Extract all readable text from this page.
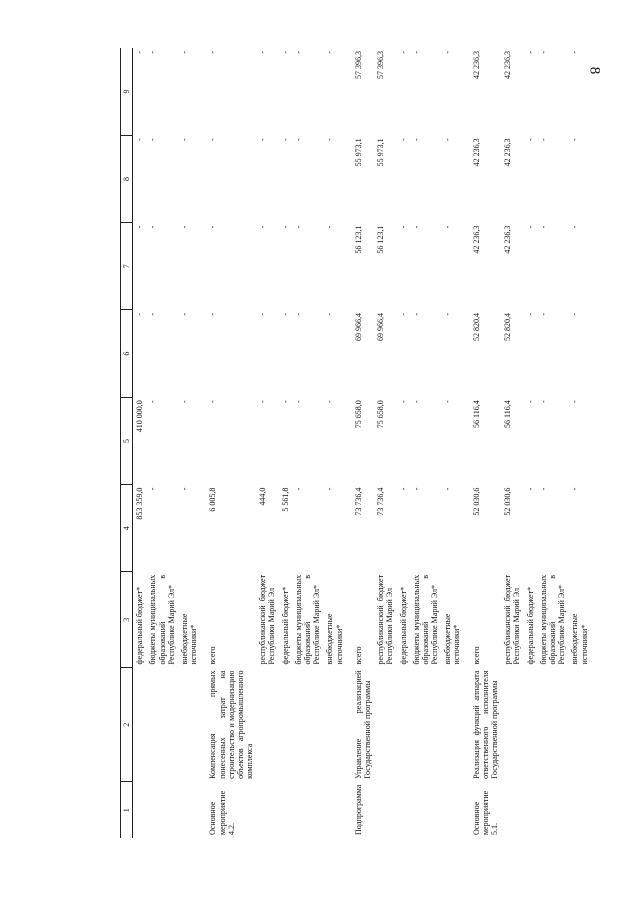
8
1	2	3	4	5	6	7	8	9
		федеральный бюджет*	853 359,0	410 000,0	-	-	-	-
		бюджеты муниципальных образований в Республике Марий Эл*	-	-	-	-	-	-
		внебюджетные источники*	-	-	-	-	-	-
Основное мероприятие 4.2.	Компенсация прямых понесенных затрат на строительство и модернизацию объектов агропромышленного комплекса	всего	6 005,8	-	-	-	-	-
		республиканский бюджет Республики Марий Эл	444,0	-	-	-	-	-
		федеральный бюджет*	5 561,8	-	-	-	-	-
		бюджеты муниципальных образований в Республике Марий Эл*	-	-	-	-	-	-
		внебюджетные источники*	-	-	-	-	-	-
Подпрограмма	Управление реализацией Государственной программы	всего	73 736,4	75 658,0	69 966,4	56 123,1	55 973,1	57 396,3
		республиканский бюджет Республики Марий Эл	73 736,4	75 658,0	69 966,4	56 123,1	55 973,1	57 396,3
		федеральный бюджет*	-	-	-	-	-	-
		бюджеты муниципальных образований в Республике Марий Эл*	-	-	-	-	-	-
		внебюджетные источники*	-	-	-	-	-	-
Основное мероприятие 5.1.	Реализация функций аппарата ответственного исполнителя Государственной программы	всего	52 030,6	56 116,4	52 820,4	42 236,3	42 236,3	42 236,3
		республиканский бюджет Республики Марий Эл	52 030,6	56 116,4	52 820,4	42 236,3	42 236,3	42 236,3
		федеральный бюджет*	-	-	-	-	-	-
		бюджеты муниципальных образований в Республике Марий Эл*	-	-	-	-	-	-
		внебюджетные источники*	-	-	-	-	-	-
